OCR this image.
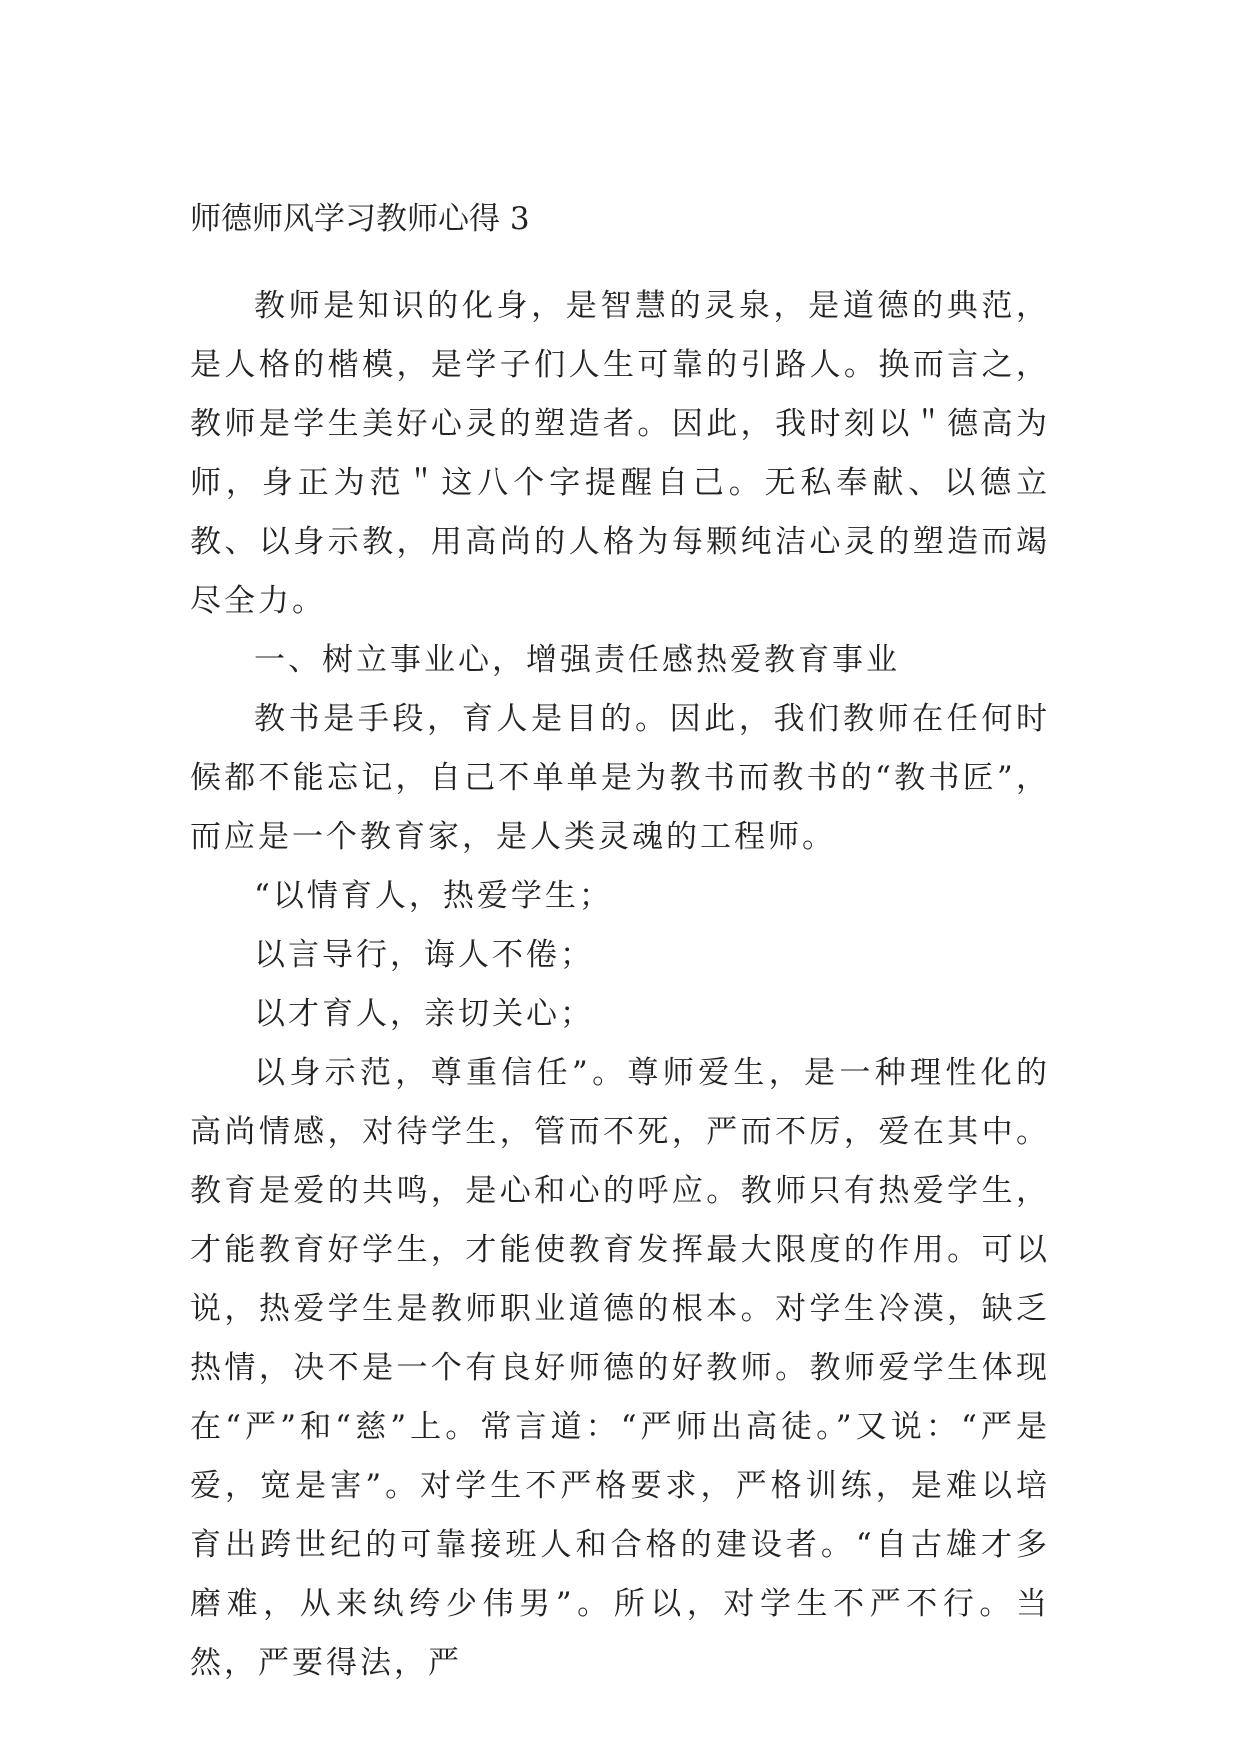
师德师风学习教师心得 3

教师是知识的化身，是智慧的灵泉，是道德的典范，是人格的楷模，是学子们人生可靠的引路人。换而言之，教师是学生美好心灵的塑造者。因此，我时刻以＂德高为师，身正为范＂这八个字提醒自己。无私奉献、以德立教、以身示教，用高尚的人格为每颗纯洁心灵的塑造而竭尽全力。

一、树立事业心，增强责任感热爱教育事业

教书是手段，育人是目的。因此，我们教师在任何时候都不能忘记，自己不单单是为教书而教书的“教书匠”，而应是一个教育家，是人类灵魂的工程师。

“以情育人，热爱学生；

以言导行，诲人不倦；

以才育人，亲切关心；

以身示范，尊重信任”。尊师爱生，是一种理性化的高尚情感，对待学生，管而不死，严而不厉，爱在其中。教育是爱的共鸣，是心和心的呼应。教师只有热爱学生，才能教育好学生，才能使教育发挥最大限度的作用。可以说，热爱学生是教师职业道德的根本。对学生冷漠，缺乏热情，决不是一个有良好师德的好教师。教师爱学生体现在“严”和“慈”上。常言道：“严师出高徒。”又说：“严是爱，宽是害”。对学生不严格要求，严格训练，是难以培育出跨世纪的可靠接班人和合格的建设者。“自古雄才多磨难，从来纨绔少伟男”。所以，对学生不严不行。当然，严要得法，严
